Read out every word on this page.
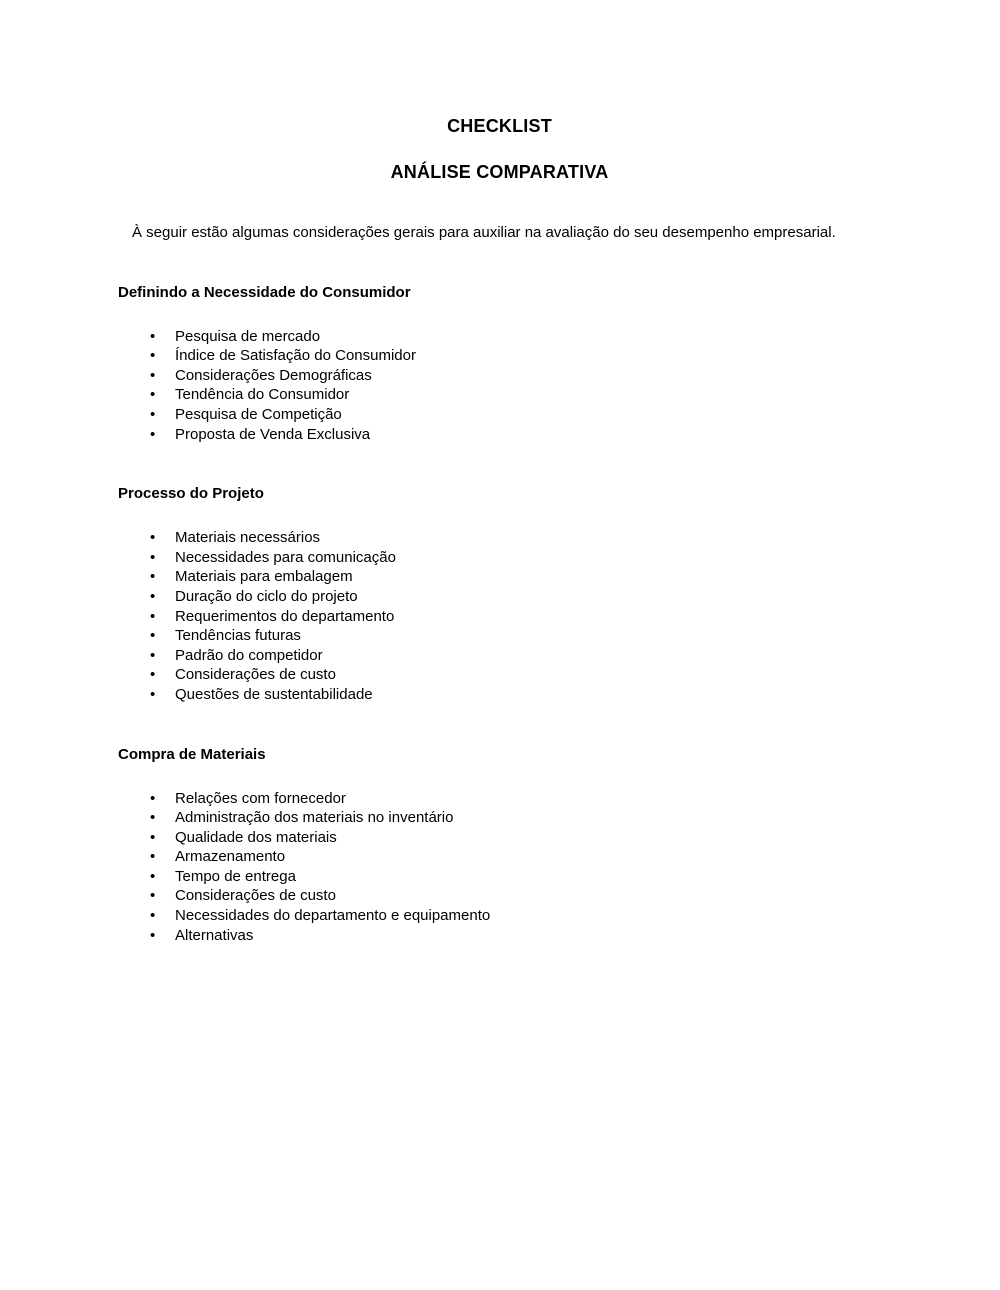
CHECKLIST
ANÁLISE COMPARATIVA

À seguir estão algumas considerações gerais para auxiliar na avaliação do seu desempenho empresarial.

Definindo a Necessidade do Consumidor
•	Pesquisa de mercado
•	Índice de Satisfação do Consumidor
•	Considerações Demográficas
•	Tendência do Consumidor
•	Pesquisa de Competição
•	Proposta de Venda Exclusiva
Processo do Projeto
•	Materiais necessários
•	Necessidades para comunicação
•	Materiais para embalagem
•	Duração do ciclo do projeto
•	Requerimentos do departamento
•	Tendências futuras
•	Padrão do competidor
•	Considerações de custo
•	Questões de sustentabilidade
Compra de Materiais
•	Relações com fornecedor
•	Administração dos materiais no inventário
•	Qualidade dos materiais
•	Armazenamento
•	Tempo de entrega
•	Considerações de custo
•	Necessidades do departamento e equipamento
•	Alternativas
